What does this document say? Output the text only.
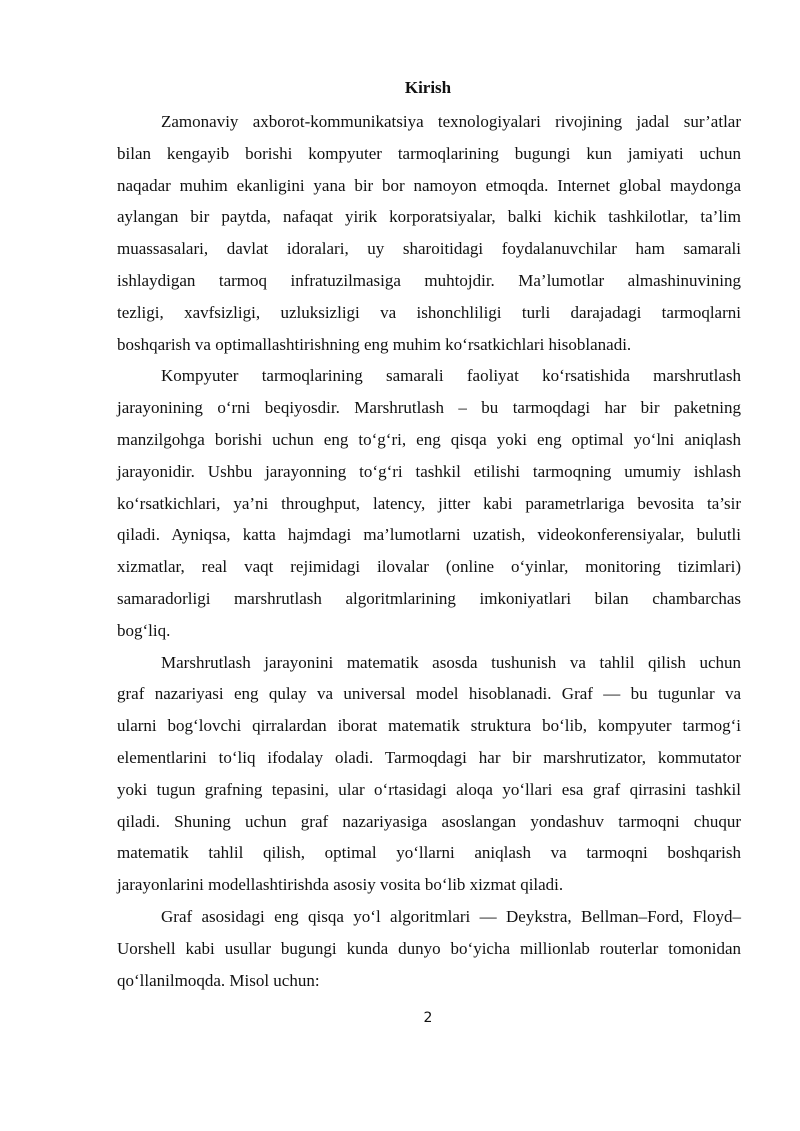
Kirish

Zamonaviy axborot-kommunikatsiya texnologiyalari rivojining jadal sur’atlar
bilan kengayib borishi kompyuter tarmoqlarining bugungi kun jamiyati uchun
naqadar muhim ekanligini yana bir bor namoyon etmoqda. Internet global maydonga
aylangan bir paytda, nafaqat yirik korporatsiyalar, balki kichik tashkilotlar, ta’lim
muassasalari, davlat idoralari, uy sharoitidagi foydalanuvchilar ham samarali
ishlaydigan tarmoq infratuzilmasiga muhtojdir. Ma’lumotlar almashinuvining
tezligi, xavfsizligi, uzluksizligi va ishonchliligi turli darajadagi tarmoqlarni
boshqarish va optimallashtirishning eng muhim ko‘rsatkichlari hisoblanadi.

Kompyuter tarmoqlarining samarali faoliyat ko‘rsatishida marshrutlash
jarayonining o‘rni beqiyosdir. Marshrutlash – bu tarmoqdagi har bir paketning
manzilgohga borishi uchun eng to‘g‘ri, eng qisqa yoki eng optimal yo‘lni aniqlash
jarayonidir. Ushbu jarayonning to‘g‘ri tashkil etilishi tarmoqning umumiy ishlash
ko‘rsatkichlari, ya’ni throughput, latency, jitter kabi parametrlariga bevosita ta’sir
qiladi. Ayniqsa, katta hajmdagi ma’lumotlarni uzatish, videokonferensiyalar, bulutli
xizmatlar, real vaqt rejimidagi ilovalar (online o‘yinlar, monitoring tizimlari)
samaradorligi marshrutlash algoritmlarining imkoniyatlari bilan chambarchas
bog‘liq.

Marshrutlash jarayonini matematik asosda tushunish va tahlil qilish uchun
graf nazariyasi eng qulay va universal model hisoblanadi. Graf — bu tugunlar va
ularni bog‘lovchi qirralardan iborat matematik struktura bo‘lib, kompyuter tarmog‘i
elementlarini to‘liq ifodalay oladi. Tarmoqdagi har bir marshrutizator, kommutator
yoki tugun grafning tepasini, ular o‘rtasidagi aloqa yo‘llari esa graf qirrasini tashkil
qiladi. Shuning uchun graf nazariyasiga asoslangan yondashuv tarmoqni chuqur
matematik tahlil qilish, optimal yo‘llarni aniqlash va tarmoqni boshqarish
jarayonlarini modellashtirishda asosiy vosita bo‘lib xizmat qiladi.

Graf asosidagi eng qisqa yo‘l algoritmlari — Deykstra, Bellman–Ford, Floyd–
Uorshell kabi usullar bugungi kunda dunyo bo‘yicha millionlab routerlar tomonidan
qo‘llanilmoqda. Misol uchun:

2
